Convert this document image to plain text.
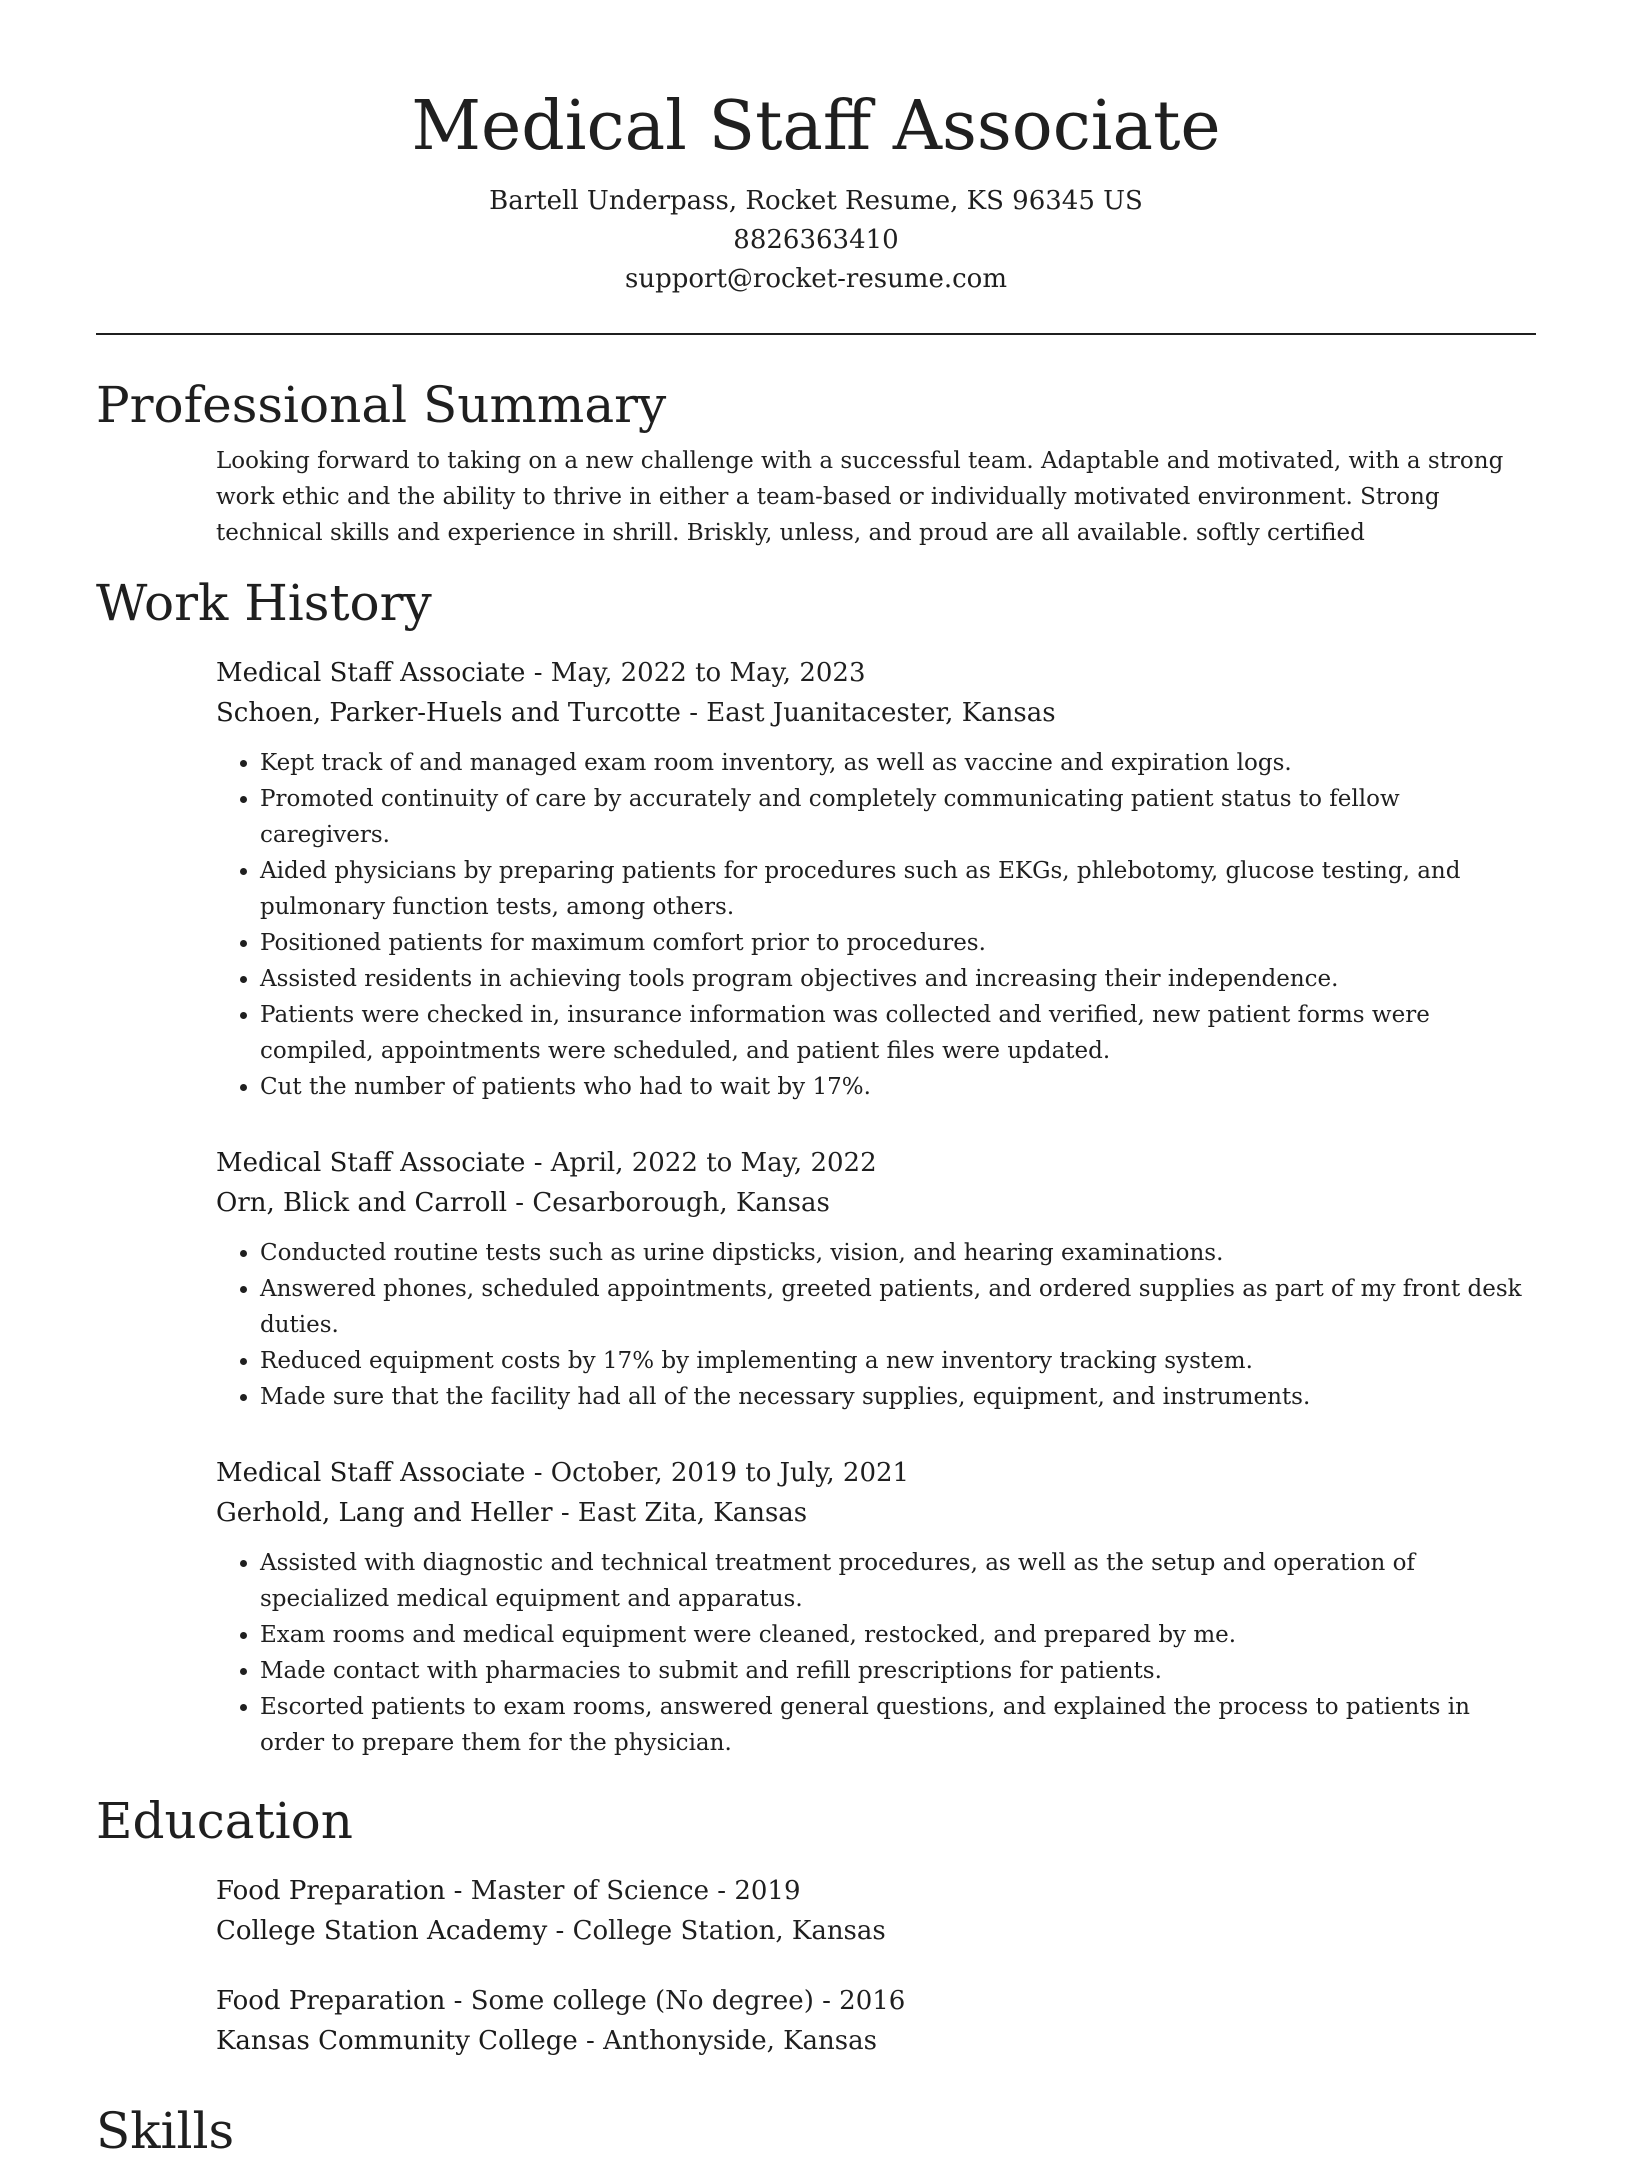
Medical Staff Associate
Bartell Underpass, Rocket Resume, KS 96345 US
8826363410
support@rocket-resume.com
Professional Summary

Looking forward to taking on a new challenge with a successful team. Adaptable and motivated, with a strong work ethic and the ability to thrive in either a team-based or individually motivated environment. Strong technical skills and experience in shrill. Briskly, unless, and proud are all available. softly certified

Work History
Medical Staff Associate - May, 2022 to May, 2023
Schoen, Parker-Huels and Turcotte - East Juanitacester, Kansas
• Kept track of and managed exam room inventory, as well as vaccine and expiration logs.
• Promoted continuity of care by accurately and completely communicating patient status to fellow caregivers.
• Aided physicians by preparing patients for procedures such as EKGs, phlebotomy, glucose testing, and pulmonary function tests, among others.
• Positioned patients for maximum comfort prior to procedures.
• Assisted residents in achieving tools program objectives and increasing their independence.
• Patients were checked in, insurance information was collected and verified, new patient forms were compiled, appointments were scheduled, and patient files were updated.
• Cut the number of patients who had to wait by 17%.
Medical Staff Associate - April, 2022 to May, 2022
Orn, Blick and Carroll - Cesarborough, Kansas
• Conducted routine tests such as urine dipsticks, vision, and hearing examinations.
• Answered phones, scheduled appointments, greeted patients, and ordered supplies as part of my front desk duties.
• Reduced equipment costs by 17% by implementing a new inventory tracking system.
• Made sure that the facility had all of the necessary supplies, equipment, and instruments.
Medical Staff Associate - October, 2019 to July, 2021
Gerhold, Lang and Heller - East Zita, Kansas
• Assisted with diagnostic and technical treatment procedures, as well as the setup and operation of specialized medical equipment and apparatus.
• Exam rooms and medical equipment were cleaned, restocked, and prepared by me.
• Made contact with pharmacies to submit and refill prescriptions for patients.
• Escorted patients to exam rooms, answered general questions, and explained the process to patients in order to prepare them for the physician.
Education
Food Preparation - Master of Science - 2019
College Station Academy - College Station, Kansas
Food Preparation - Some college (No degree) - 2016
Kansas Community College - Anthonyside, Kansas
Skills
